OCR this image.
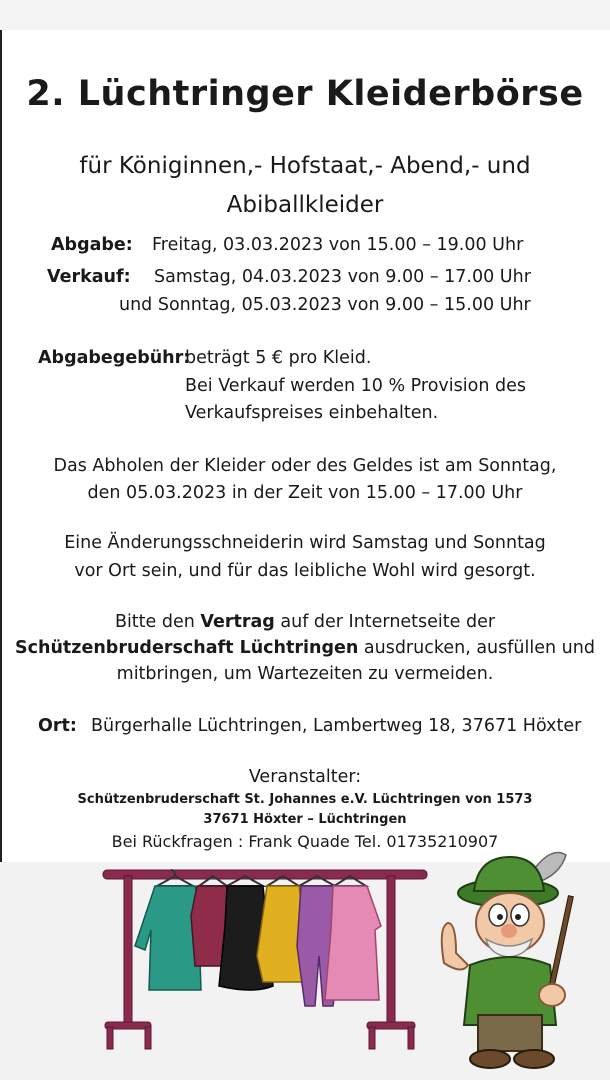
2. Lüchtringer Kleiderbörse
für Königinnen,- Hofstaat,- Abend,- und
Abiballkleider
Abgabe: Freitag, 03.03.2023 von 15.00 – 19.00 Uhr
Verkauf: Samstag, 04.03.2023 von 9.00 – 17.00 Uhr
und Sonntag, 05.03.2023 von 9.00 – 15.00 Uhr
Abgabegebühr:
beträgt 5 € pro Kleid.
Bei Verkauf werden 10 % Provision des
Verkaufspreises einbehalten.
Das Abholen der Kleider oder des Geldes ist am Sonntag,
den 05.03.2023 in der Zeit von 15.00 – 17.00 Uhr
Eine Änderungsschneiderin wird Samstag und Sonntag
vor Ort sein, und für das leibliche Wohl wird gesorgt.
Bitte den Vertrag auf der Internetseite der
Schützenbruderschaft Lüchtringen ausdrucken, ausfüllen und
mitbringen, um Wartezeiten zu vermeiden.
Ort: Bürgerhalle Lüchtringen, Lambertweg 18, 37671 Höxter
Veranstalter:
Schützenbruderschaft St. Johannes e.V. Lüchtringen von 1573
37671 Höxter – Lüchtringen
Bei Rückfragen : Frank Quade Tel. 01735210907
